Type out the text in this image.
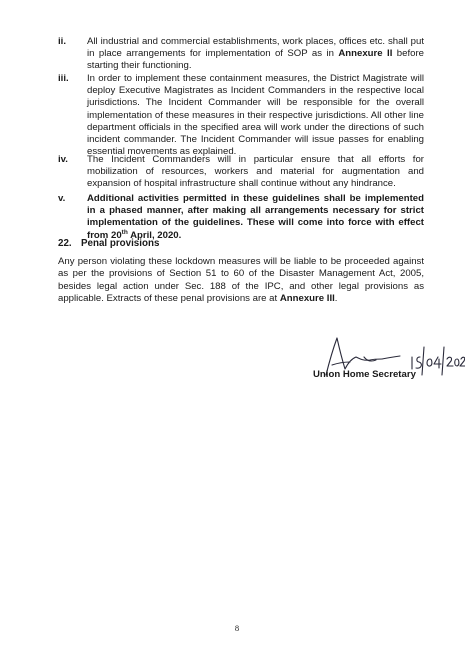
ii. All industrial and commercial establishments, work places, offices etc. shall put in place arrangements for implementation of SOP as in Annexure II before starting their functioning.
iii. In order to implement these containment measures, the District Magistrate will deploy Executive Magistrates as Incident Commanders in the respective local jurisdictions. The Incident Commander will be responsible for the overall implementation of these measures in their respective jurisdictions. All other line department officials in the specified area will work under the directions of such incident commander. The Incident Commander will issue passes for enabling essential movements as explained.
iv. The Incident Commanders will in particular ensure that all efforts for mobilization of resources, workers and material for augmentation and expansion of hospital infrastructure shall continue without any hindrance.
v. Additional activities permitted in these guidelines shall be implemented in a phased manner, after making all arrangements necessary for strict implementation of the guidelines. These will come into force with effect from 20th April, 2020.
22. Penal provisions
Any person violating these lockdown measures will be liable to be proceeded against as per the provisions of Section 51 to 60 of the Disaster Management Act, 2005, besides legal action under Sec. 188 of the IPC, and other legal provisions as applicable. Extracts of these penal provisions are at Annexure III.
Union Home Secretary
8
